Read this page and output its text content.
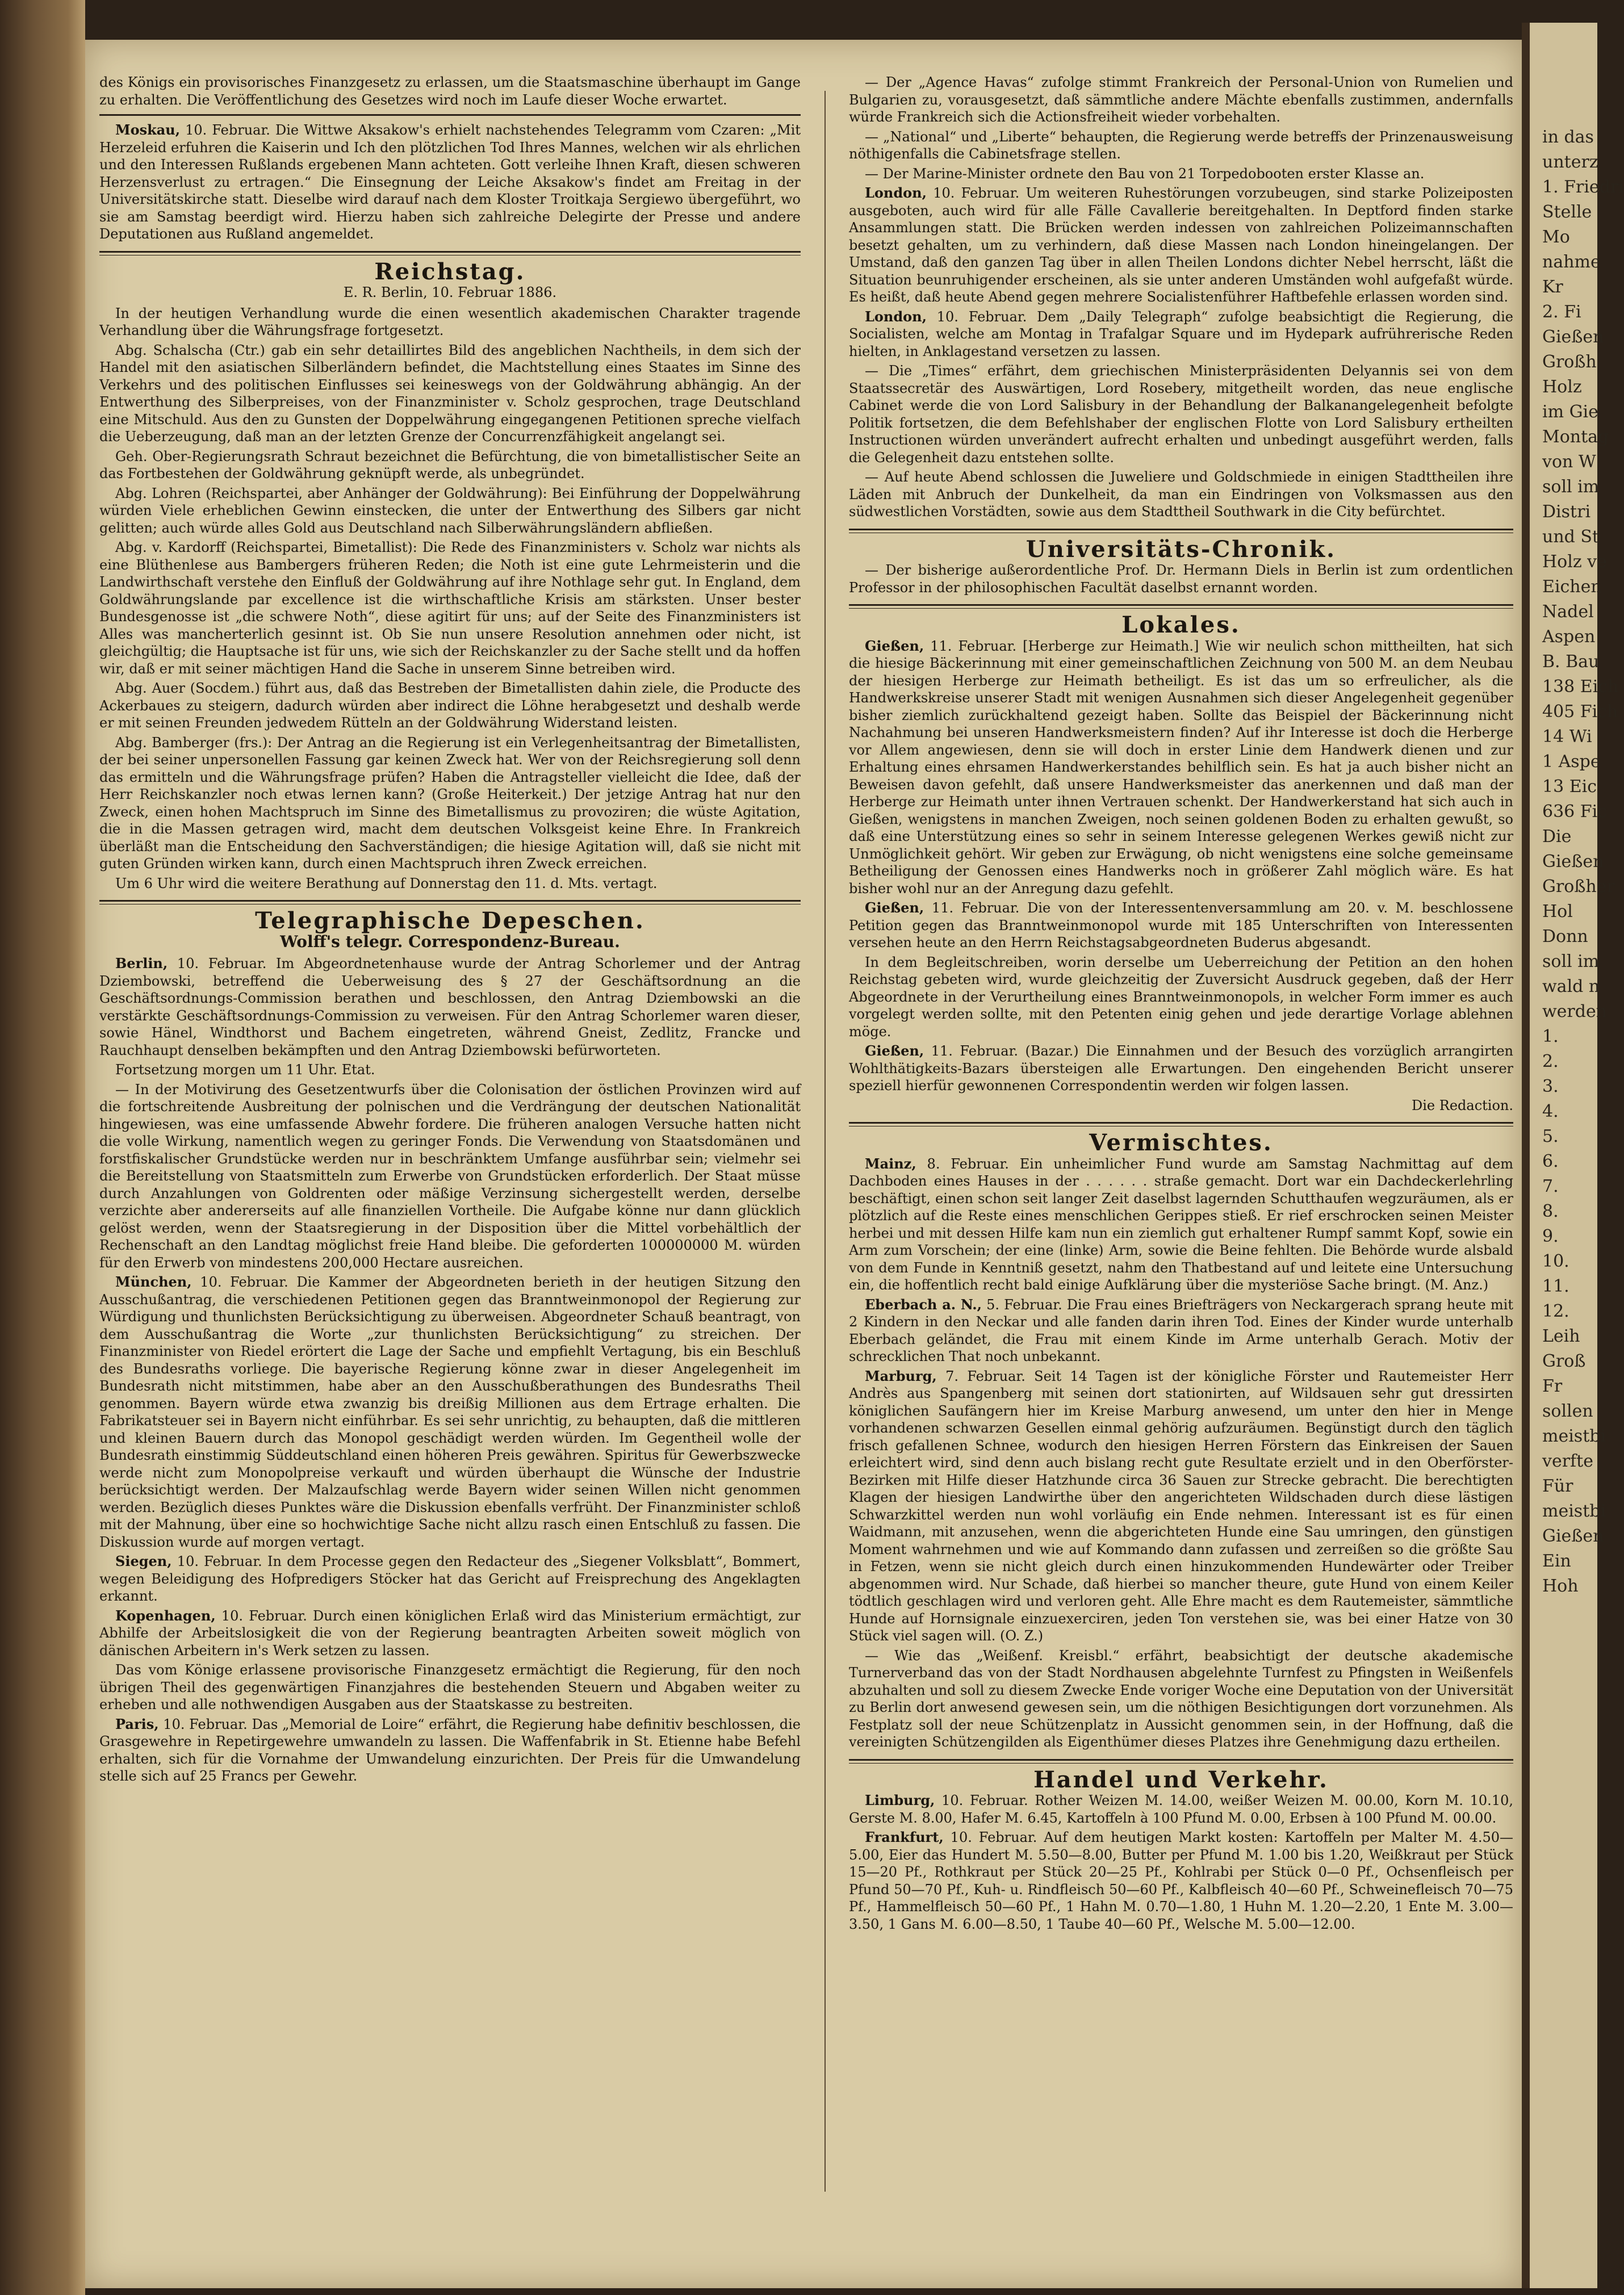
des Königs ein provisorisches Finanzgesetz zu erlassen, um die Staatsmaschine überhaupt im Gange zu erhalten. Die Veröffentlichung des Gesetzes wird noch im Laufe dieser Woche erwartet.

Moskau, 10. Februar. Die Wittwe Aksakow's erhielt nachstehendes Telegramm vom Czaren: „Mit Herzeleid erfuhren die Kaiserin und Ich den plötzlichen Tod Ihres Mannes, welchen wir als ehrlichen und den Interessen Rußlands ergebenen Mann achteten. Gott verleihe Ihnen Kraft, diesen schweren Herzensverlust zu ertragen.“ Die Einsegnung der Leiche Aksakow's findet am Freitag in der Universitätskirche statt. Dieselbe wird darauf nach dem Kloster Troitkaja Sergiewo übergeführt, wo sie am Samstag beerdigt wird. Hierzu haben sich zahlreiche Delegirte der Presse und andere Deputationen aus Rußland angemeldet.

Reichstag.
E. R. Berlin, 10. Februar 1886.

In der heutigen Verhandlung wurde die einen wesentlich akademischen Charakter tragende Verhandlung über die Währungsfrage fortgesetzt.

Abg. Schalscha (Ctr.) gab ein sehr detaillirtes Bild des angeblichen Nachtheils, in dem sich der Handel mit den asiatischen Silberländern befindet, die Machtstellung eines Staates im Sinne des Verkehrs und des politischen Einflusses sei keineswegs von der Goldwährung abhängig. An der Entwerthung des Silberpreises, von der Finanzminister v. Scholz gesprochen, trage Deutschland eine Mitschuld. Aus den zu Gunsten der Doppelwährung eingegangenen Petitionen spreche vielfach die Ueberzeugung, daß man an der letzten Grenze der Concurrenzfähigkeit angelangt sei.

Geh. Ober-Regierungsrath Schraut bezeichnet die Befürchtung, die von bimetallistischer Seite an das Fortbestehen der Goldwährung geknüpft werde, als unbegründet.

Abg. Lohren (Reichspartei, aber Anhänger der Goldwährung): Bei Einführung der Doppelwährung würden Viele erheblichen Gewinn einstecken, die unter der Entwerthung des Silbers gar nicht gelitten; auch würde alles Gold aus Deutschland nach Silberwährungsländern abfließen.

Abg. v. Kardorff (Reichspartei, Bimetallist): Die Rede des Finanzministers v. Scholz war nichts als eine Blüthenlese aus Bambergers früheren Reden; die Noth ist eine gute Lehrmeisterin und die Landwirthschaft verstehe den Einfluß der Goldwährung auf ihre Nothlage sehr gut. In England, dem Goldwährungslande par excellence ist die wirthschaftliche Krisis am stärksten. Unser bester Bundesgenosse ist „die schwere Noth“, diese agitirt für uns; auf der Seite des Finanzministers ist Alles was mancherterlich gesinnt ist. Ob Sie nun unsere Resolution annehmen oder nicht, ist gleichgültig; die Hauptsache ist für uns, wie sich der Reichskanzler zu der Sache stellt und da hoffen wir, daß er mit seiner mächtigen Hand die Sache in unserem Sinne betreiben wird.

Abg. Auer (Socdem.) führt aus, daß das Bestreben der Bimetallisten dahin ziele, die Producte des Ackerbaues zu steigern, dadurch würden aber indirect die Löhne herabgesetzt und deshalb werde er mit seinen Freunden jedwedem Rütteln an der Goldwährung Widerstand leisten.

Abg. Bamberger (frs.): Der Antrag an die Regierung ist ein Verlegenheitsantrag der Bimetallisten, der bei seiner unpersonellen Fassung gar keinen Zweck hat. Wer von der Reichsregierung soll denn das ermitteln und die Währungsfrage prüfen? Haben die Antragsteller vielleicht die Idee, daß der Herr Reichskanzler noch etwas lernen kann? (Große Heiterkeit.) Der jetzige Antrag hat nur den Zweck, einen hohen Machtspruch im Sinne des Bimetallismus zu provoziren; die wüste Agitation, die in die Massen getragen wird, macht dem deutschen Volksgeist keine Ehre. In Frankreich überläßt man die Entscheidung den Sachverständigen; die hiesige Agitation will, daß sie nicht mit guten Gründen wirken kann, durch einen Machtspruch ihren Zweck erreichen.

Um 6 Uhr wird die weitere Berathung auf Donnerstag den 11. d. Mts. vertagt.

Telegraphische Depeschen.
Wolff's telegr. Correspondenz-Bureau.

Berlin, 10. Februar. Im Abgeordnetenhause wurde der Antrag Schorlemer und der Antrag Dziembowski, betreffend die Ueberweisung des § 27 der Geschäftsordnung an die Geschäftsordnungs-Commission berathen und beschlossen, den Antrag Dziembowski an die verstärkte Geschäftsordnungs-Commission zu verweisen. Für den Antrag Schorlemer waren dieser, sowie Hänel, Windthorst und Bachem eingetreten, während Gneist, Zedlitz, Francke und Rauchhaupt denselben bekämpften und den Antrag Dziembowski befürworteten.

Fortsetzung morgen um 11 Uhr. Etat.

— In der Motivirung des Gesetzentwurfs über die Colonisation der östlichen Provinzen wird auf die fortschreitende Ausbreitung der polnischen und die Verdrängung der deutschen Nationalität hingewiesen, was eine umfassende Abwehr fordere. Die früheren analogen Versuche hatten nicht die volle Wirkung, namentlich wegen zu geringer Fonds. Die Verwendung von Staatsdomänen und forstfiskalischer Grundstücke werden nur in beschränktem Umfange ausführbar sein; vielmehr sei die Bereitstellung von Staatsmitteln zum Erwerbe von Grundstücken erforderlich. Der Staat müsse durch Anzahlungen von Goldrenten oder mäßige Verzinsung sichergestellt werden, derselbe verzichte aber andererseits auf alle finanziellen Vortheile. Die Aufgabe könne nur dann glücklich gelöst werden, wenn der Staatsregierung in der Disposition über die Mittel vorbehältlich der Rechenschaft an den Landtag möglichst freie Hand bleibe. Die geforderten 100000000 M. würden für den Erwerb von mindestens 200,000 Hectare ausreichen.

München, 10. Februar. Die Kammer der Abgeordneten berieth in der heutigen Sitzung den Ausschußantrag, die verschiedenen Petitionen gegen das Branntweinmonopol der Regierung zur Würdigung und thunlichsten Berücksichtigung zu überweisen. Abgeordneter Schauß beantragt, von dem Ausschußantrag die Worte „zur thunlichsten Berücksichtigung“ zu streichen. Der Finanzminister von Riedel erörtert die Lage der Sache und empfiehlt Vertagung, bis ein Beschluß des Bundesraths vorliege. Die bayerische Regierung könne zwar in dieser Angelegenheit im Bundesrath nicht mitstimmen, habe aber an den Ausschußberathungen des Bundesraths Theil genommen. Bayern würde etwa zwanzig bis dreißig Millionen aus dem Ertrage erhalten. Die Fabrikatsteuer sei in Bayern nicht einführbar. Es sei sehr unrichtig, zu behaupten, daß die mittleren und kleinen Bauern durch das Monopol geschädigt werden würden. Im Gegentheil wolle der Bundesrath einstimmig Süddeutschland einen höheren Preis gewähren. Spiritus für Gewerbszwecke werde nicht zum Monopolpreise verkauft und würden überhaupt die Wünsche der Industrie berücksichtigt werden. Der Malzaufschlag werde Bayern wider seinen Willen nicht genommen werden. Bezüglich dieses Punktes wäre die Diskussion ebenfalls verfrüht. Der Finanzminister schloß mit der Mahnung, über eine so hochwichtige Sache nicht allzu rasch einen Entschluß zu fassen. Die Diskussion wurde auf morgen vertagt.

Siegen, 10. Februar. In dem Processe gegen den Redacteur des „Siegener Volksblatt“, Bommert, wegen Beleidigung des Hofpredigers Stöcker hat das Gericht auf Freisprechung des Angeklagten erkannt.

Kopenhagen, 10. Februar. Durch einen königlichen Erlaß wird das Ministerium ermächtigt, zur Abhilfe der Arbeitslosigkeit die von der Regierung beantragten Arbeiten soweit möglich von dänischen Arbeitern in's Werk setzen zu lassen.

Das vom Könige erlassene provisorische Finanzgesetz ermächtigt die Regierung, für den noch übrigen Theil des gegenwärtigen Finanzjahres die bestehenden Steuern und Abgaben weiter zu erheben und alle nothwendigen Ausgaben aus der Staatskasse zu bestreiten.

Paris, 10. Februar. Das „Memorial de Loire“ erfährt, die Regierung habe definitiv beschlossen, die Grasgewehre in Repetirgewehre umwandeln zu lassen. Die Waffenfabrik in St. Etienne habe Befehl erhalten, sich für die Vornahme der Umwandelung einzurichten. Der Preis für die Umwandelung stelle sich auf 25 Francs per Gewehr.

— Der „Agence Havas“ zufolge stimmt Frankreich der Personal-Union von Rumelien und Bulgarien zu, vorausgesetzt, daß sämmtliche andere Mächte ebenfalls zustimmen, andernfalls würde Frankreich sich die Actionsfreiheit wieder vorbehalten.

— „National“ und „Liberte“ behaupten, die Regierung werde betreffs der Prinzenausweisung nöthigenfalls die Cabinetsfrage stellen.

— Der Marine-Minister ordnete den Bau von 21 Torpedobooten erster Klasse an.

London, 10. Februar. Um weiteren Ruhestörungen vorzubeugen, sind starke Polizeiposten ausgeboten, auch wird für alle Fälle Cavallerie bereitgehalten. In Deptford finden starke Ansammlungen statt. Die Brücken werden indessen von zahlreichen Polizeimannschaften besetzt gehalten, um zu verhindern, daß diese Massen nach London hineingelangen. Der Umstand, daß den ganzen Tag über in allen Theilen Londons dichter Nebel herrscht, läßt die Situation beunruhigender erscheinen, als sie unter anderen Umständen wohl aufgefaßt würde. Es heißt, daß heute Abend gegen mehrere Socialistenführer Haftbefehle erlassen worden sind.

London, 10. Februar. Dem „Daily Telegraph“ zufolge beabsichtigt die Regierung, die Socialisten, welche am Montag in Trafalgar Square und im Hydepark aufrührerische Reden hielten, in Anklagestand versetzen zu lassen.

— Die „Times“ erfährt, dem griechischen Ministerpräsidenten Delyannis sei von dem Staatssecretär des Auswärtigen, Lord Rosebery, mitgetheilt worden, das neue englische Cabinet werde die von Lord Salisbury in der Behandlung der Balkanangelegenheit befolgte Politik fortsetzen, die dem Befehlshaber der englischen Flotte von Lord Salisbury ertheilten Instructionen würden unverändert aufrecht erhalten und unbedingt ausgeführt werden, falls die Gelegenheit dazu entstehen sollte.

— Auf heute Abend schlossen die Juweliere und Goldschmiede in einigen Stadttheilen ihre Läden mit Anbruch der Dunkelheit, da man ein Eindringen von Volksmassen aus den südwestlichen Vorstädten, sowie aus dem Stadttheil Southwark in die City befürchtet.

Universitäts-Chronik.

— Der bisherige außerordentliche Prof. Dr. Hermann Diels in Berlin ist zum ordentlichen Professor in der philosophischen Facultät daselbst ernannt worden.

Lokales.

Gießen, 11. Februar. [Herberge zur Heimath.] Wie wir neulich schon mittheilten, hat sich die hiesige Bäckerinnung mit einer gemeinschaftlichen Zeichnung von 500 M. an dem Neubau der hiesigen Herberge zur Heimath betheiligt. Es ist das um so erfreulicher, als die Handwerkskreise unserer Stadt mit wenigen Ausnahmen sich dieser Angelegenheit gegenüber bisher ziemlich zurückhaltend gezeigt haben. Sollte das Beispiel der Bäckerinnung nicht Nachahmung bei unseren Handwerksmeistern finden? Auf ihr Interesse ist doch die Herberge vor Allem angewiesen, denn sie will doch in erster Linie dem Handwerk dienen und zur Erhaltung eines ehrsamen Handwerkerstandes behilflich sein. Es hat ja auch bisher nicht an Beweisen davon gefehlt, daß unsere Handwerksmeister das anerkennen und daß man der Herberge zur Heimath unter ihnen Vertrauen schenkt. Der Handwerkerstand hat sich auch in Gießen, wenigstens in manchen Zweigen, noch seinen goldenen Boden zu erhalten gewußt, so daß eine Unterstützung eines so sehr in seinem Interesse gelegenen Werkes gewiß nicht zur Unmöglichkeit gehört. Wir geben zur Erwägung, ob nicht wenigstens eine solche gemeinsame Betheiligung der Genossen eines Handwerks noch in größerer Zahl möglich wäre. Es hat bisher wohl nur an der Anregung dazu gefehlt.

Gießen, 11. Februar. Die von der Interessentenversammlung am 20. v. M. beschlossene Petition gegen das Branntweinmonopol wurde mit 185 Unterschriften von Interessenten versehen heute an den Herrn Reichstagsabgeordneten Buderus abgesandt.

In dem Begleitschreiben, worin derselbe um Ueberreichung der Petition an den hohen Reichstag gebeten wird, wurde gleichzeitig der Zuversicht Ausdruck gegeben, daß der Herr Abgeordnete in der Verurtheilung eines Branntweinmonopols, in welcher Form immer es auch vorgelegt werden sollte, mit den Petenten einig gehen und jede derartige Vorlage ablehnen möge.

Gießen, 11. Februar. (Bazar.) Die Einnahmen und der Besuch des vorzüglich arrangirten Wohlthätigkeits-Bazars übersteigen alle Erwartungen. Den eingehenden Bericht unserer speziell hierfür gewonnenen Correspondentin werden wir folgen lassen.

Die Redaction.
Vermischtes.

Mainz, 8. Februar. Ein unheimlicher Fund wurde am Samstag Nachmittag auf dem Dachboden eines Hauses in der . . . . . . straße gemacht. Dort war ein Dachdeckerlehrling beschäftigt, einen schon seit langer Zeit daselbst lagernden Schutthaufen wegzuräumen, als er plötzlich auf die Reste eines menschlichen Gerippes stieß. Er rief erschrocken seinen Meister herbei und mit dessen Hilfe kam nun ein ziemlich gut erhaltener Rumpf sammt Kopf, sowie ein Arm zum Vorschein; der eine (linke) Arm, sowie die Beine fehlten. Die Behörde wurde alsbald von dem Funde in Kenntniß gesetzt, nahm den Thatbestand auf und leitete eine Untersuchung ein, die hoffentlich recht bald einige Aufklärung über die mysteriöse Sache bringt. (M. Anz.)

Eberbach a. N., 5. Februar. Die Frau eines Briefträgers von Neckargerach sprang heute mit 2 Kindern in den Neckar und alle fanden darin ihren Tod. Eines der Kinder wurde unterhalb Eberbach geländet, die Frau mit einem Kinde im Arme unterhalb Gerach. Motiv der schrecklichen That noch unbekannt.

Marburg, 7. Februar. Seit 14 Tagen ist der königliche Förster und Rautemeister Herr Andrès aus Spangenberg mit seinen dort stationirten, auf Wildsauen sehr gut dressirten königlichen Saufängern hier im Kreise Marburg anwesend, um unter den hier in Menge vorhandenen schwarzen Gesellen einmal gehörig aufzuräumen. Begünstigt durch den täglich frisch gefallenen Schnee, wodurch den hiesigen Herren Förstern das Einkreisen der Sauen erleichtert wird, sind denn auch bislang recht gute Resultate erzielt und in den Oberförster-Bezirken mit Hilfe dieser Hatzhunde circa 36 Sauen zur Strecke gebracht. Die berechtigten Klagen der hiesigen Landwirthe über den angerichteten Wildschaden durch diese lästigen Schwarzkittel werden nun wohl vorläufig ein Ende nehmen. Interessant ist es für einen Waidmann, mit anzusehen, wenn die abgerichteten Hunde eine Sau umringen, den günstigen Moment wahrnehmen und wie auf Kommando dann zufassen und zerreißen so die größte Sau in Fetzen, wenn sie nicht gleich durch einen hinzukommenden Hundewärter oder Treiber abgenommen wird. Nur Schade, daß hierbei so mancher theure, gute Hund von einem Keiler tödtlich geschlagen wird und verloren geht. Alle Ehre macht es dem Rautemeister, sämmtliche Hunde auf Hornsignale einzuexerciren, jeden Ton verstehen sie, was bei einer Hatze von 30 Stück viel sagen will. (O. Z.)

— Wie das „Weißenf. Kreisbl.“ erfährt, beabsichtigt der deutsche akademische Turnerverband das von der Stadt Nordhausen abgelehnte Turnfest zu Pfingsten in Weißenfels abzuhalten und soll zu diesem Zwecke Ende voriger Woche eine Deputation von der Universität zu Berlin dort anwesend gewesen sein, um die nöthigen Besichtigungen dort vorzunehmen. Als Festplatz soll der neue Schützenplatz in Aussicht genommen sein, in der Hoffnung, daß die vereinigten Schützengilden als Eigenthümer dieses Platzes ihre Genehmigung dazu ertheilen.

Handel und Verkehr.

Limburg, 10. Februar. Rother Weizen M. 14.00, weißer Weizen M. 00.00, Korn M. 10.10, Gerste M. 8.00, Hafer M. 6.45, Kartoffeln à 100 Pfund M. 0.00, Erbsen à 100 Pfund M. 00.00.

Frankfurt, 10. Februar. Auf dem heutigen Markt kosten: Kartoffeln per Malter M. 4.50—5.00, Eier das Hundert M. 5.50—8.00, Butter per Pfund M. 1.00 bis 1.20, Weißkraut per Stück 15—20 Pf., Rothkraut per Stück 20—25 Pf., Kohlrabi per Stück 0—0 Pf., Ochsenfleisch per Pfund 50—70 Pf., Kuh- u. Rindfleisch 50—60 Pf., Kalbfleisch 40—60 Pf., Schweinefleisch 70—75 Pf., Hammelfleisch 50—60 Pf., 1 Hahn M. 0.70—1.80, 1 Huhn M. 1.20—2.20, 1 Ente M. 3.00—3.50, 1 Gans M. 6.00—8.50, 1 Taube 40—60 Pf., Welsche M. 5.00—12.00.

in das
unterz
1. Friedri
Stelle
Mo
nahme
Kr
2. Fi
Gießen
Großh
Holz
im Gie
Montag
von W
soll im
Distri
und St
Holz ve
Eichen
Nadel
Aspen
B. Bau
138 Eich
405 Fich
14 Wi
1 Aspe
13 Eic
636 Fic
Die
Gießen
Großher
Hol
Donn
soll im
wald n
werden
1.
2.
3.
4.
5.
6.
7.
8.
9.
10.
11.
12.
Leih
Groß
Fr
sollen
meistbi
verfte
Für
meistbi
Gießen
Ein
Hoh
